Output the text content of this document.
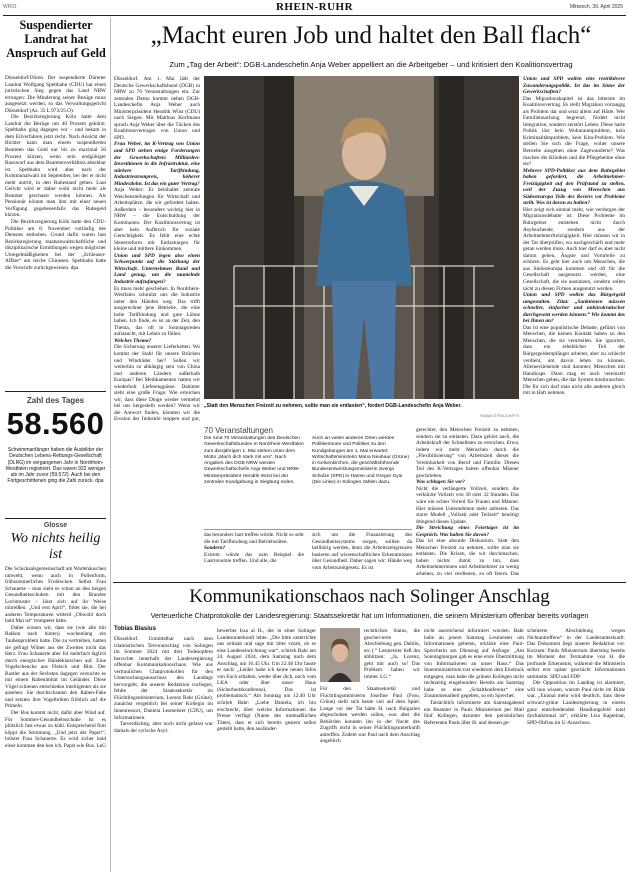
WR01	RHEIN-RUHR	Mittwoch, 30. April 2025
Suspendierter Landrat hat Anspruch auf Geld

Düsseldorf/Düren. Der suspendierte Dürener Landrat Wolfgang Spelthahn (CDU) hat einen juristischen Sieg gegen das Land NRW errungen: Die Minderung seiner Bezüge muss ausgesetzt werden, so das Verwaltungsgericht Düsseldorf (Az. 35 L 973/25.O).

Die Bezirksregierung Köln hatte dem Landrat die Bezüge um 40 Prozent gekürzt. Spelthahn ging dagegen vor – und bekam in dem Eilverfahren jetzt recht. Nach Ansicht der Richter kann man einem suspendierten Beamten das Geld nur bis zu maximal 50 Prozent kürzen, wenn sein endgültiger Rauswurf aus dem Beamtenverhältnis absehbar ist. Spelthahn wird aber nach der Kommunalwahl im September, bei der er nicht mehr antritt, in den Ruhestand gehen. Laut Gericht wird er daher wohl nicht mehr als Beamter geschasst werden können. Als Pensionär könnte man ihm mit einer neuen Verfügung gegebenenfalls das Ruhegeld kürzen.

Die Bezirksregierung Köln hatte den CDU-Politiker am 8. November vorläufig des Dienstes enthoben. Grund dafür waren laut Bezirksregierung staatsanwaltschaftliche und disziplinarische Ermittlungen wegen möglicher Unregelmäßigkeiten bei der „Schleuser-Affäre“ um reiche Chinesen. Spelthahn hatte die Vorwürfe zurückgewiesen. dpa

Zahl des Tages
58.560
Schwimmanfänger haben die Ausbilder der Deutschen Lebens-Rettungs-Gesellschaft (DLRG) im vergangenen Jahr in Nordrhein-Westfalen registriert. Das waren 922 weniger als im Jahr zuvor (59.572). Auch bei den Fortgeschrittenen ging die Zahl zurück. dpa
Glosse
Wo nichts heilig ist

Die Schicksalsgemeinschaft am Wartehäuschen umweht, wenn auch in Pollenform, frühsommerliches Frohlocken. Selbst Frau Schauerte – man sieht es schon an den beigen Gesundheitsschuhen mit den Brandes Lochmuster – lässt sich auf ihr Weise mitreißen. „Und erst April“, flötet sie, die bei anderen Temperaturen witterd „Obwohl doch bald Mai ist“ trompetet hätte.

Dabei wissen wir, dass sie (wie alle mit Balkon nach hinten) wochenlang ein Taubenproblem hatte. Die zu vertreiben, hatten sie gefragt Wimer aus der Zweiten nicht das Herz. Frau Schauerte aber fol mehrfach täglich durch energisches Händeklatschen auf. Eine Vogelscheuche aus Fleisch und Blut. Der Bastler aus der Sechsten dagegen versuchte es mit einem Rabenimitat im Geländer. Diese Vögel schienen entschieden intelligenter als sie ansehen: Sie durchschauten den Raben-Fake und setzten ihre Vogelbrüten fröhlich auf die Primeln.

Der Bus kommt nicht, dafür aber Wind auf. Für Sommer-Gesundheitsschuhe ist es plötzlich fast etwas zu kühl. Entsprechend flott köppt die Stimmung. „Und jetzt der Papst!“, brüstet Frau Schauerte. Es wird sicher bald einer kommen den ken ich, Papst wie Bus. LeG

„Macht euren Job und haltet den Ball flach“
Zum „Tag der Arbeit“: DGB-Landeschefin Anja Weber appelliert an die Arbeitgeber – und kritisiert den Koalitionsvertrag

Düsseldorf. Am 1. Mai lädt der Deutsche Gewerkschaftsbund (DGB) in NRW zu 70 Veranstaltungen ein. Zur zentralen Demo kommt neben DGB-Landeschefin Anja Weber auch Ministerpräsident Hendrik Wüst (CDU) nach Siegen. Mit Matthias Korfmann sprach Anja Weber über die Tücken des Koalitionsvertrages von Union und SPD.

Frau Weber, im K-Vertrag von Union und SPD stehen einige Forderungen der Gewerkschaften: Milliarden-Investitionen in die Infrastruktur, eine stärkere Tarifbindung, Industriestrompreis, höherer Mindestlohn. Ist das ein guter Vertrag?

Anja Weber: Er beinhaltet zentrale Weichenstellungen für Wirtschaft und Arbeitsplätze, die wir gefordert haben. Außerdem – besonders wichtig hier in NRW – die Entschuldung der Kommunen. Der Koalitionsvertrag ist aber kein Aufbruch für soziale Gerechtigkeit. Es fehlt eine echte Steuerreform mit Entlastungen für kleine und mittlere Einkommen.

Union und SPD legen also einen Schwerpunkt auf die Stärkung der Wirtschaft. Unternehmen Bund und Land genug, um die taumelnde Industrie aufzufangen?

Es muss mehr geschehen. In Nordrhein-Westfalen schmilzt uns die Industrie unter den Händen weg. Das trifft ausgerechnet jene Betriebe, die eine hohe Tarifbindung und gute Löhne haben. Ich finde, es ist an der Zeit, den Thema, das oft in Sonntagsreden aufstaucht, mit Leben zu füllen.

Welches Thema?

Die Sicherung unserer Lieferketten. Wo kommt der Stahl für unsere Brücken und Windräder her? Sollen wir weiterhin so abhängig sein von China und anderen Ländern außerhalb Europas? Bei Medikamenten hatten wir wiederholt Lieferengpässe. Dahinter steht eine große Frage: Wie erreichen wir, dass diese Dinge wieder vermehrt bei uns hergestellt werden? Wenn wir die Antwort finden, könnten wir die Erosion der Industrie stoppen und gut,

„Statt den Menschen Freizeit zu nehmen, sollte man sie entlasten“, fordert DGB-Landeschefin Anja Weber.
FABIAN STRAUCH/FFS
70 Veranstaltungen
Die rund 70 Veranstaltungen des Deutschen Gewerkschaftsbundes in Nordrhein-Westfalen zum diesjährigen 1. Mai stehen unter dem Motto „Mach dich stark mit uns“. Nach Angaben des DGB NRW werden Gewerkschaftschefin Anja Weber und NRW-Ministerpräsident Hendrik Wüst bei der zentralen Kundgebung in Siegburg reden.
Auch an vielen anderen Orten werden Politikerinnen und Politiker zu den Kundgebungen am 1. Mai erwartet: Wirtschaftsministerin Mona Neubaur (Grüne) in Gelsenkirchen, die geschäftsführende Bundesentwicklungsministerin Svenja Schulze (SPD) in Hamm und Gregor Gysi (Die Linke) in Solingen zählen dazu.

das besonders hart treffen würde. Nicht so sehr die mit Tarifbindung und Betriebsräten.

Sondern?

Extrem würde das zum Beispiel die Gastronomie treffen. Und alle, die

sich um die Finanzierung des Gesundheitssystems sorgen, sollten da hellhörig werden, denn die Arbeitszeitgrenzen basieren auf wissenschaftlichen Erkenntnissen über Gesundheit. Daher sagen wir: Hände weg vom Arbeitszeitgesetz. Es ist

gerechter, den Menschen Freizeit zu nehmen, sondern sie zu entlasten. Dazu gehört auch, die Arbeitskraft der Schnellsten zu erreichen. Etwa, indem wir mehr Menschen durch die „Flexibilisierung“ von Arbeitszeit dieser die Vereinbarkeit von Beruf und Familie. Diesen Teil des K-Vertrages halten offenbar Männer geschrieben.

Was schlagen Sie vor?

Nicht die verlängerte Vollzeit, sondern die verkürzte Vollzeit von 30 oder 32 Stunden. Das wäre ein echter Vorteil für Frauen und Männer. Hier müssen Unternehmen mehr anbieten. Das starre Modell „Vollzeit oder Teilzeit“ benötigt dringend dieses Update.

Die Streichung eines Feiertages ist im Gespräch. Was halten Sie davon?

Das ist eine absurde Diskussion. Statt den Menschen Freizeit zu nehmen, sollte man sie entlasten. Die Krisen, die wir durchmachen, haben nichts damit zu tun, dass Arbeitnehmerinnen und Arbeitnehmer zu wenig arbeiten, zu viel verdienen, zu oft feiern. Das

Union und SPD wollen eine restriktivere Zuwanderungspolitik. Ist das im Sinne der Gewerkschaften?

Das Migrationskapitel ist das bitterste im Koalitionsvertrag. Es stellt Migration vorrangig als Problem dar und setzt allein auf Härte. Wer Familiennachzug begrenzt, fördert nicht Integration, sondern zerstört Leben. Diese harte Politik löst kein Wohnraumproblem, kein Kriminalitätsproblem, kein Kita-Problem. Wie stellen Sie sich die Frage, woher unsere Betriebe ausgehen ohne Zugewanderte? Was machen die Kliniken und die Pflegeheime ohne sie?

Mehrere SPD-Politiker aus dem Ruhrgebiet haben gefordert, die Arbeitnehmer-Freizügigkeit auf den Prüfstand zu stellen, weil der Zuzug von Menschen aus Südosteuropa Teile des Reviers vor Probleme stellt. Was ist davon zu halten?

Hier zeigt sich einmal mehr, wie verdorgen der Migrationsdebatte ist. Diese Probleme im Ruhrgebiet entstehen nicht durch Asylsuchende, sondern aus der Arbeitnehmerfreizügigkeit. Hier müssen wir in der Tat überprüfen, wo nachgeschärft und mehr getan werden muss. Auch hier darf es aber nicht darum gehen, Ängste und Vorurteile zu schüren. Es geht hier auch um Menschen, die aus Südosteuropa kommen und oft für die Gesellschaft ausgenutzt werden, eine Gesellschaft, die sie ausnutzen, sondern sollen nicht zu diesen Firmen ausgenutzt werden.

Union und SPD wollen das Bürgergeld umgestalten. Zitat: „Sanktionen müssen schneller, einfacher und unbürokratischer durchgesetzt werden können.“ Wie kommt das bei Ihnen an?

Das ist eine populistische Debatte, geführt von Menschen, die keinen Kontakt haben zu den Menschen, die sie verurteilen. Sie ignoriert, dass ein erheblicher Teil der Bürgergeldempfänger arbeitet, aber zu schlecht verdient, um davon leben zu können. Alleinerziehende sind darunter, Menschen mit Handicaps. Dann mag es auch vereinzelt Menschen geben, die das System missbrauchen. Die für sich darf man nicht alle anderen gleich mit in Haft nehmen.

Kommunikationschaos nach Solinger Anschlag
Verteuerliche Chatprotokolle der Landesregierung: Staatssekretär hat um Informationen, die seinem Ministerium offenbar bereits vorlagen
Tobias Blasius

Düsseldorf. Unmittelbar nach dem islamistischen Terroranschlag von Solingen im Sommer 2024 mit drei Todesopfern herrschte innerhalb der Landesregierung offenbar Kommunikationschaos. Wie aus vertraulichen Chatprotokollen für den Untersuchungsausschuss des Landtags hervorgeht, die unserer Redaktion vorliegen, fehlte der Staatssekretär im Flüchtlingsministerium, Lorenz Bahr (Grüne), zunächst vergeblich bei seiner Kollegin im Innenressort, Daniela Lesmeister (CDU), um Informationen.

Tatverdächtig, aber noch nicht gefasst war damals der syrische Asyl-

bewerber Issa al H., der in einer Solinger Landesunterkunft lebte. „Die bitte unterrichte uns zeitnah und sage mir bitte vorab, ob es eine Landeseinrichtung war“, schrieb Bahr am 24. August 2024, dem Samstag nach dem Anschlag, um 16.45 Uhr. Um 22.48 Uhr fasste er nach: „Leider habe ich keine neuen Infos von Euch erhalten, weder über dich, noch vom LKA oder über unser Haus (Sicherheitskonferenz). Das ist problematisch.“ Am Sonntag um 12.40 Uhr schrieb Bahr: „Liebe Daniela, ich bin erschreckt, über welche Informationen die Presse verfügt (Name des mutmaßlichen Täters, dass er sich bereits gestern selbst gestellt hatte, den ausländer-

rechtlichen Status, die geschei-terte Abschiebung gen. Dublin, etc.).“ Lesmeister ließ ihn abblitzen: „Ja, Lorenz, geht mir auch so! Das Problem haben wir immer. LG.“

Für den Staatssekretär und Flüchtlingsministerin Josefine Paul (Foto, Grüne) stellt sich heute viel auf dem Spiel. Lange vor der Tat hätte H. nach Bulgarien abgeschoben werden sollen, was aber die Behörden konnten ihn in der Nacht des Zugriffs nicht in seiner Flüchtlingsunterkunft antreffen. Zudem war Paul nach dem Anschlag angeblich

nicht ausreichend informiert worden. Bahr habe an jenem Samstag Lesmeister um Informationen gebeten, erklärte eine Paul-Sprecherin am Dienstag auf Anfrage: „Am Sonntagmorgen gab es eine erste Übermittlung von Informationen an unser Haus.“ Das Innenministerium trat wiederum dem Eindruck entgegen, man habe die grünen Kollegen nicht rechtzeitig eingebunden: Bereits am Samstag habe es eine „Schaltkonferenz“ eine Zusammenarbeit gegeben, so ein Sprecher.

Tatsächlich informierte am Samstagabend ein Beamter in Pauls Ministerium per Mail fünf Kollegen, darunter den persönlichen Referenten Pauls über H. und dessen ge-

scheiterte Abschiebung wegen Nichtantreffens“ in der Landesunterkunft. Das Dokument liegt unserer Redaktion vor. Kurzum: Pauls Ministerium überstieg bereits im Moment der Textnahme von H. die profunde Erkenntnis, während die Ministerin selbst erst später geschicht Informationen sammelte. SPD und FDP.

Die Opposition im Landtag ist alarmiert, will nun wissen, warum Paul nicht im Bilde war. „Einmal mehr wird deutlich, dass diese schwarz-grüne Landesregierung in einem ganz entscheidenden Handlungsfeld total dysfunktional ist“, erklärte Lisa Kapteinat, SPD-Obfrau im U-Ausschuss.
